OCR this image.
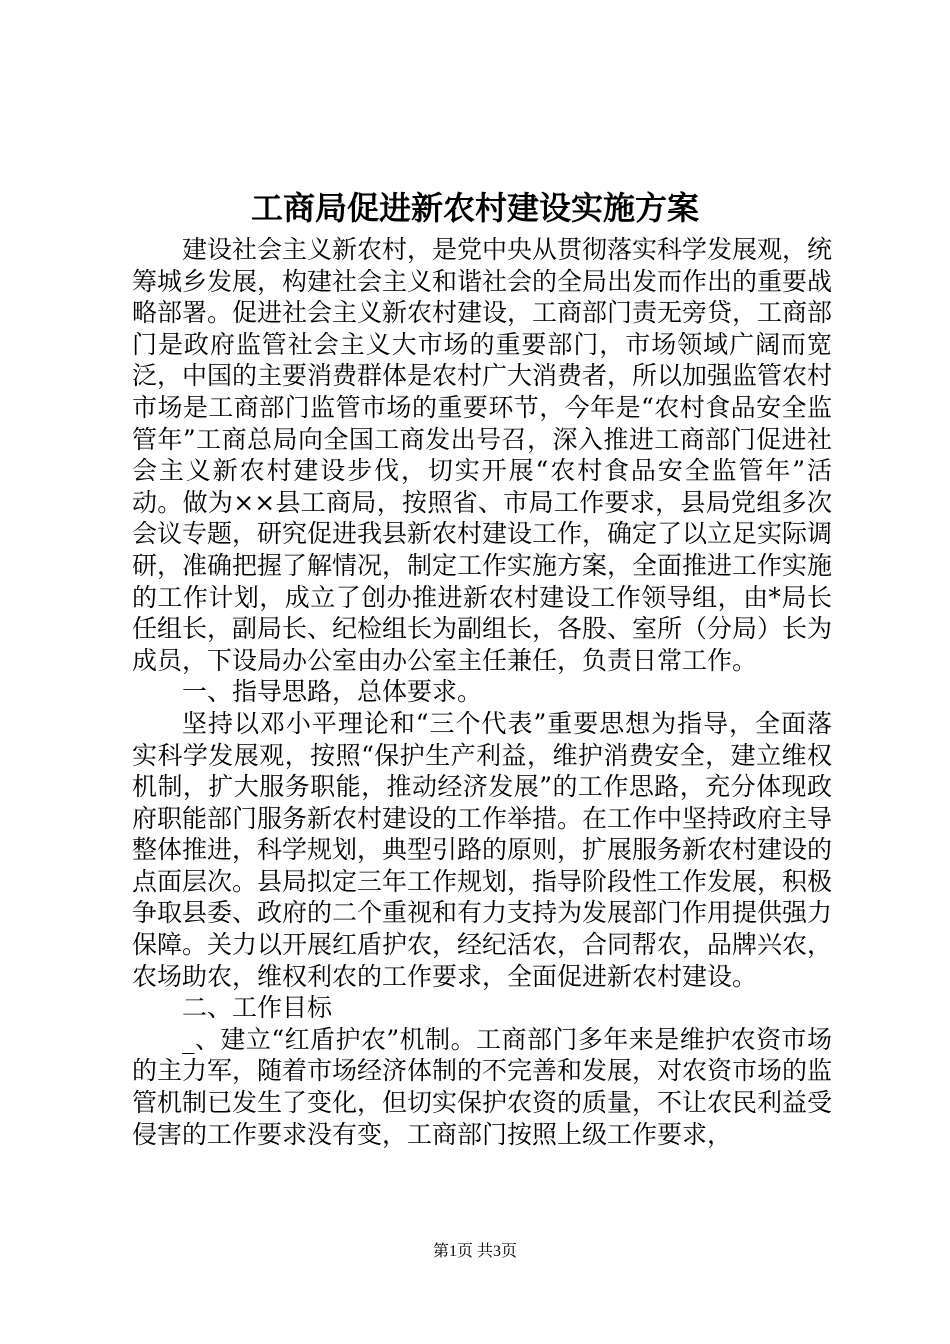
工商局促进新农村建设实施方案

建设社会主义新农村，是党中央从贯彻落实科学发展观，统筹城乡发展，构建社会主义和谐社会的全局出发而作出的重要战略部署。促进社会主义新农村建设，工商部门责无旁贷，工商部门是政府监管社会主义大市场的重要部门，市场领域广阔而宽泛，中国的主要消费群体是农村广大消费者，所以加强监管农村市场是工商部门监管市场的重要环节，今年是“农村食品安全监管年”工商总局向全国工商发出号召，深入推进工商部门促进社会主义新农村建设步伐，切实开展“农村食品安全监管年”活动。做为××县工商局，按照省、市局工作要求，县局党组多次会议专题，研究促进我县新农村建设工作，确定了以立足实际调研，准确把握了解情况，制定工作实施方案，全面推进工作实施的工作计划，成立了创办推进新农村建设工作领导组，由*局长任组长，副局长、纪检组长为副组长，各股、室所（分局）长为成员，下设局办公室由办公室主任兼任，负责日常工作。

一、指导思路，总体要求。

坚持以邓小平理论和“三个代表”重要思想为指导，全面落实科学发展观，按照“保护生产利益，维护消费安全，建立维权机制，扩大服务职能，推动经济发展”的工作思路，充分体现政府职能部门服务新农村建设的工作举措。在工作中坚持政府主导整体推进，科学规划，典型引路的原则，扩展服务新农村建设的点面层次。县局拟定三年工作规划，指导阶段性工作发展，积极争取县委、政府的二个重视和有力支持为发展部门作用提供强力保障。关力以开展红盾护农，经纪活农，合同帮农，品牌兴农，农场助农，维权利农的工作要求，全面促进新农村建设。

二、工作目标

_、建立“红盾护农”机制。工商部门多年来是维护农资市场的主力军，随着市场经济体制的不完善和发展，对农资市场的监管机制已发生了变化，但切实保护农资的质量，不让农民利益受侵害的工作要求没有变，工商部门按照上级工作要求，

第1页 共3页
